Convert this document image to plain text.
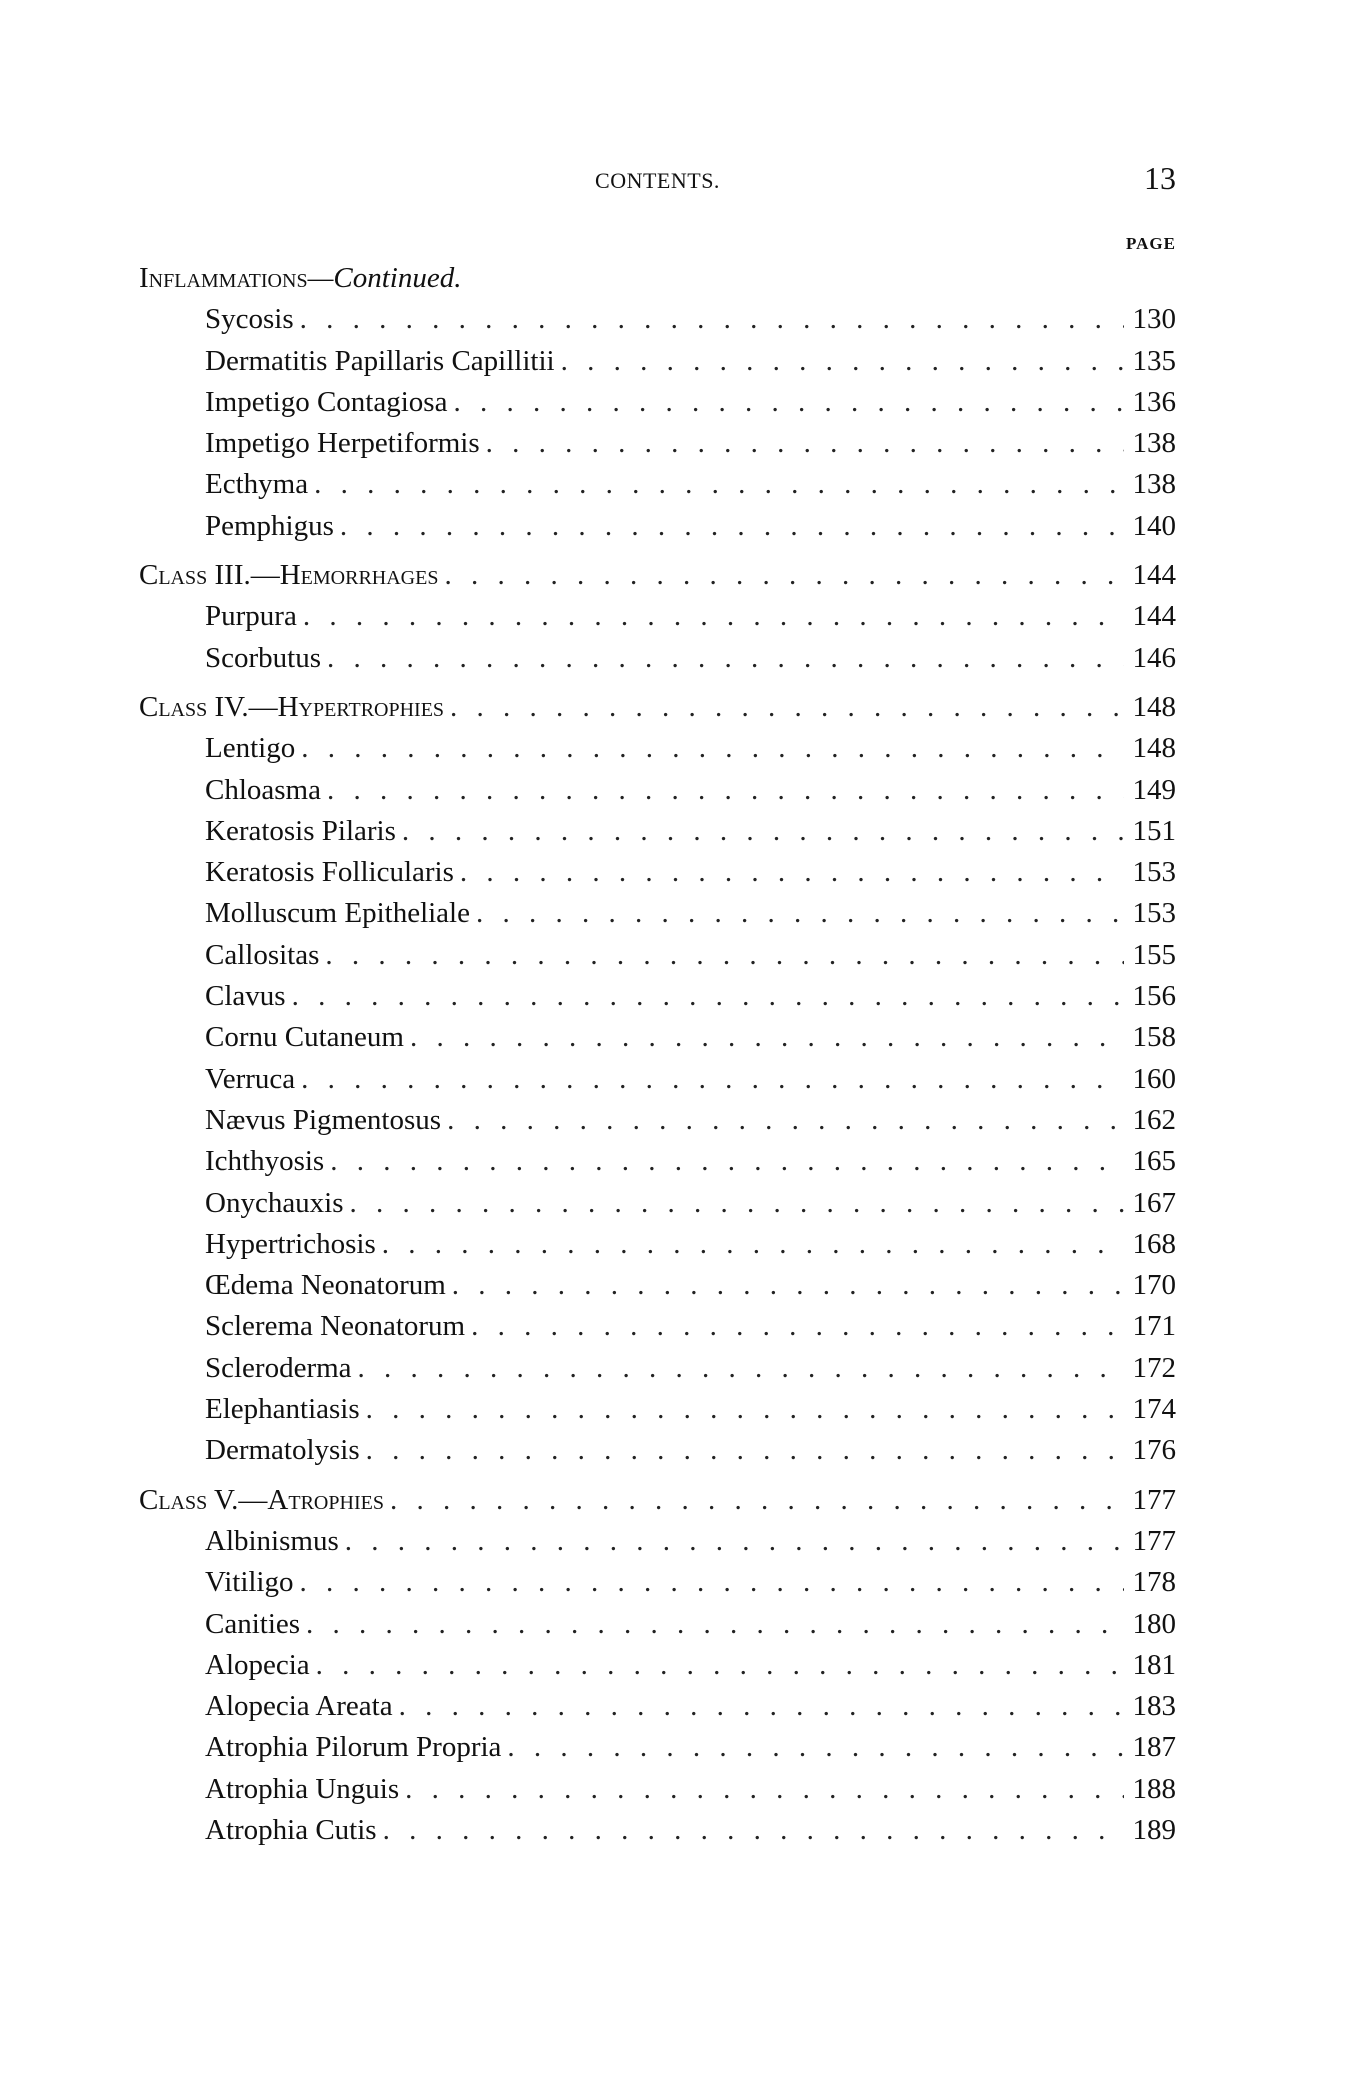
CONTENTS.	13
PAGE
Inflammations —Continued.
Sycosis . . .	130
Dermatitis Papillaris Capillitii . . .	135
Impetigo Contagiosa . . .	136
Impetigo Herpetiformis . . .	138
Ecthyma . . .	138
Pemphigus . . .	140
Class III.—Hemorrhages . . .	144
Purpura . . .	144
Scorbutus . . .	146
Class IV.—Hypertrophies . . .	148
Lentigo . . .	148
Chloasma . . .	149
Keratosis Pilaris . . .	151
Keratosis Follicularis . . .	153
Molluscum Epitheliale . . .	153
Callositas . . .	155
Clavus . . .	156
Cornu Cutaneum . . .	158
Verruca . . .	160
Nævus Pigmentosus . . .	162
Ichthyosis . . .	165
Onychauxis . . .	167
Hypertrichosis . . .	168
Œdema Neonatorum . . .	170
Sclerema Neonatorum . . .	171
Scleroderma . . .	172
Elephantiasis . . .	174
Dermatolysis . . .	176
Class V.—Atrophies . . .	177
Albinismus . . .	177
Vitiligo . . .	178
Canities . . .	180
Alopecia . . .	181
Alopecia Areata . . .	183
Atrophia Pilorum Propria . . .	187
Atrophia Unguis . . .	188
Atrophia Cutis . . .	189
